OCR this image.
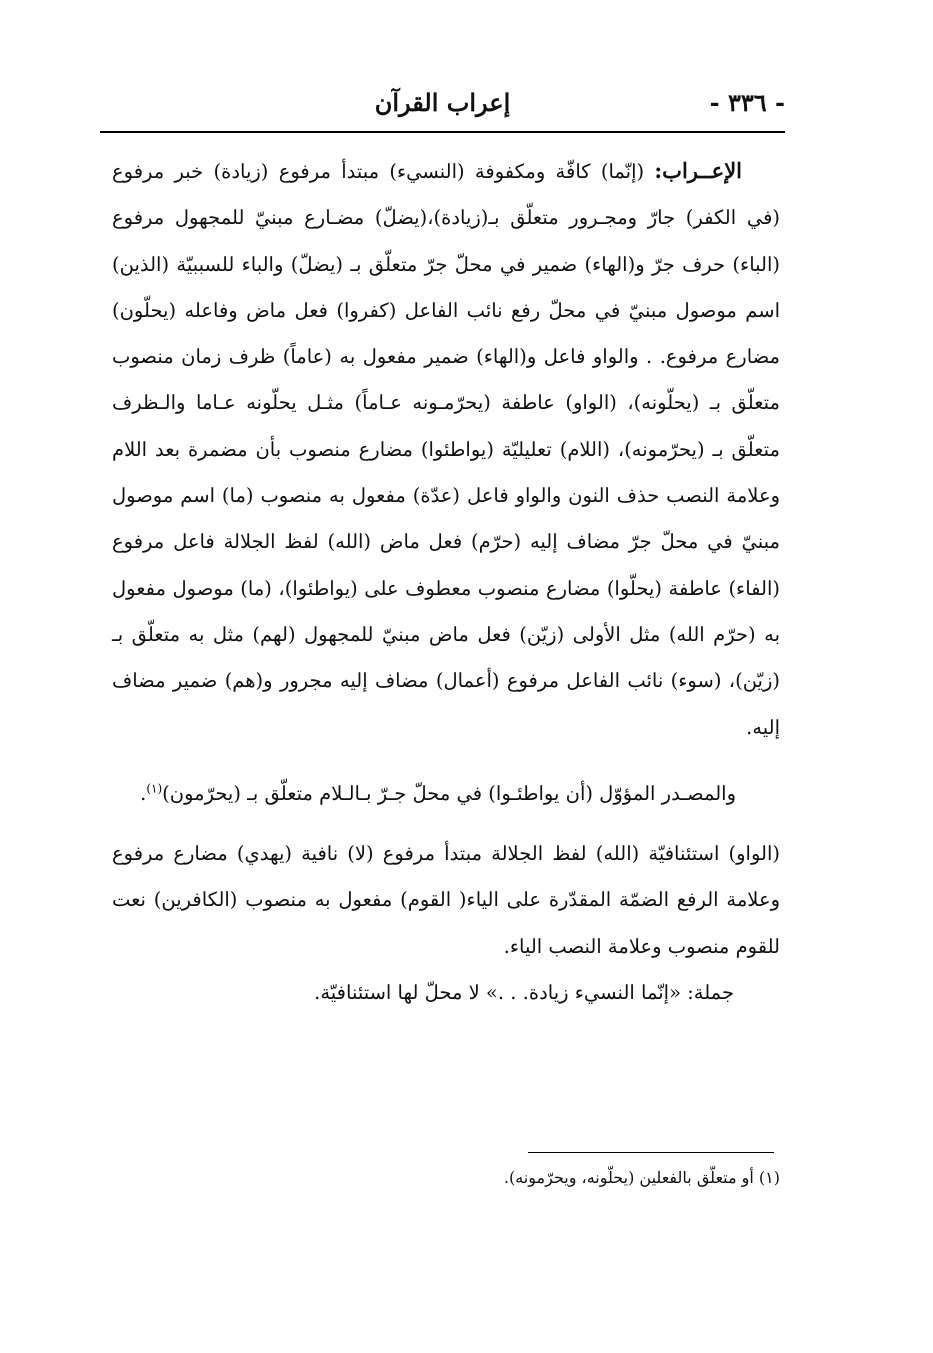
- ٣٣٦ -
إعراب القرآن

الإعــراب: (إنّما) كافّة ومكفوفة (النسيء) مبتدأ مرفوع (زيادة) خبر مرفوع (في الكفر) جارّ ومجـرور متعلّق بـ(زيادة)،(يضلّ) مضـارع مبنيّ للمجهول مرفوع (الباء) حرف جرّ و(الهاء) ضمير في محلّ جرّ متعلّق بـ (يضلّ) والباء للسببيّة (الذين) اسم موصول مبنيّ في محلّ رفع نائب الفاعل (كفروا) فعل ماض وفاعله (يحلّون) مضارع مرفوع. . والواو فاعل و(الهاء) ضمير مفعول به (عاماً) ظرف زمان منصوب متعلّق بـ (يحلّونه)، (الواو) عاطفة (يحرّمـونه عـاماً) مثـل يحلّونه عـاما والـظرف متعلّق بـ (يحرّمونه)، (اللام) تعليليّة (يواطئوا) مضارع منصوب بأن مضمرة بعد اللام وعلامة النصب حذف النون والواو فاعل (عدّة) مفعول به منصوب (ما) اسم موصول مبنيّ في محلّ جرّ مضاف إليه (حرّم) فعل ماض (الله) لفظ الجلالة فاعل مرفوع (الفاء) عاطفة (يحلّوا) مضارع منصوب معطوف على (يواطئوا)، (ما) موصول مفعول به (حرّم الله) مثل الأولى (زيّن) فعل ماض مبنيّ للمجهول (لهم) مثل به متعلّق بـ (زيّن)، (سوء) نائب الفاعل مرفوع (أعمال) مضاف إليه مجرور و(هم) ضمير مضاف إليه.

والمصـدر المؤوّل (أن يواطئـوا) في محلّ جـرّ بـالـلام متعلّق بـ (يحرّمون)$^{(١)}$.

(الواو) استئنافيّة (الله) لفظ الجلالة مبتدأ مرفوع (لا) نافية (يهدي) مضارع مرفوع وعلامة الرفع الضمّة المقدّرة على الياء( القوم) مفعول به منصوب (الكافرين) نعت للقوم منصوب وعلامة النصب الياء.

جملة: «إنّما النسيء زيادة. . .» لا محلّ لها استئنافيّة.

(١) أو متعلّق بالفعلين (يحلّونه، ويحرّمونه).
